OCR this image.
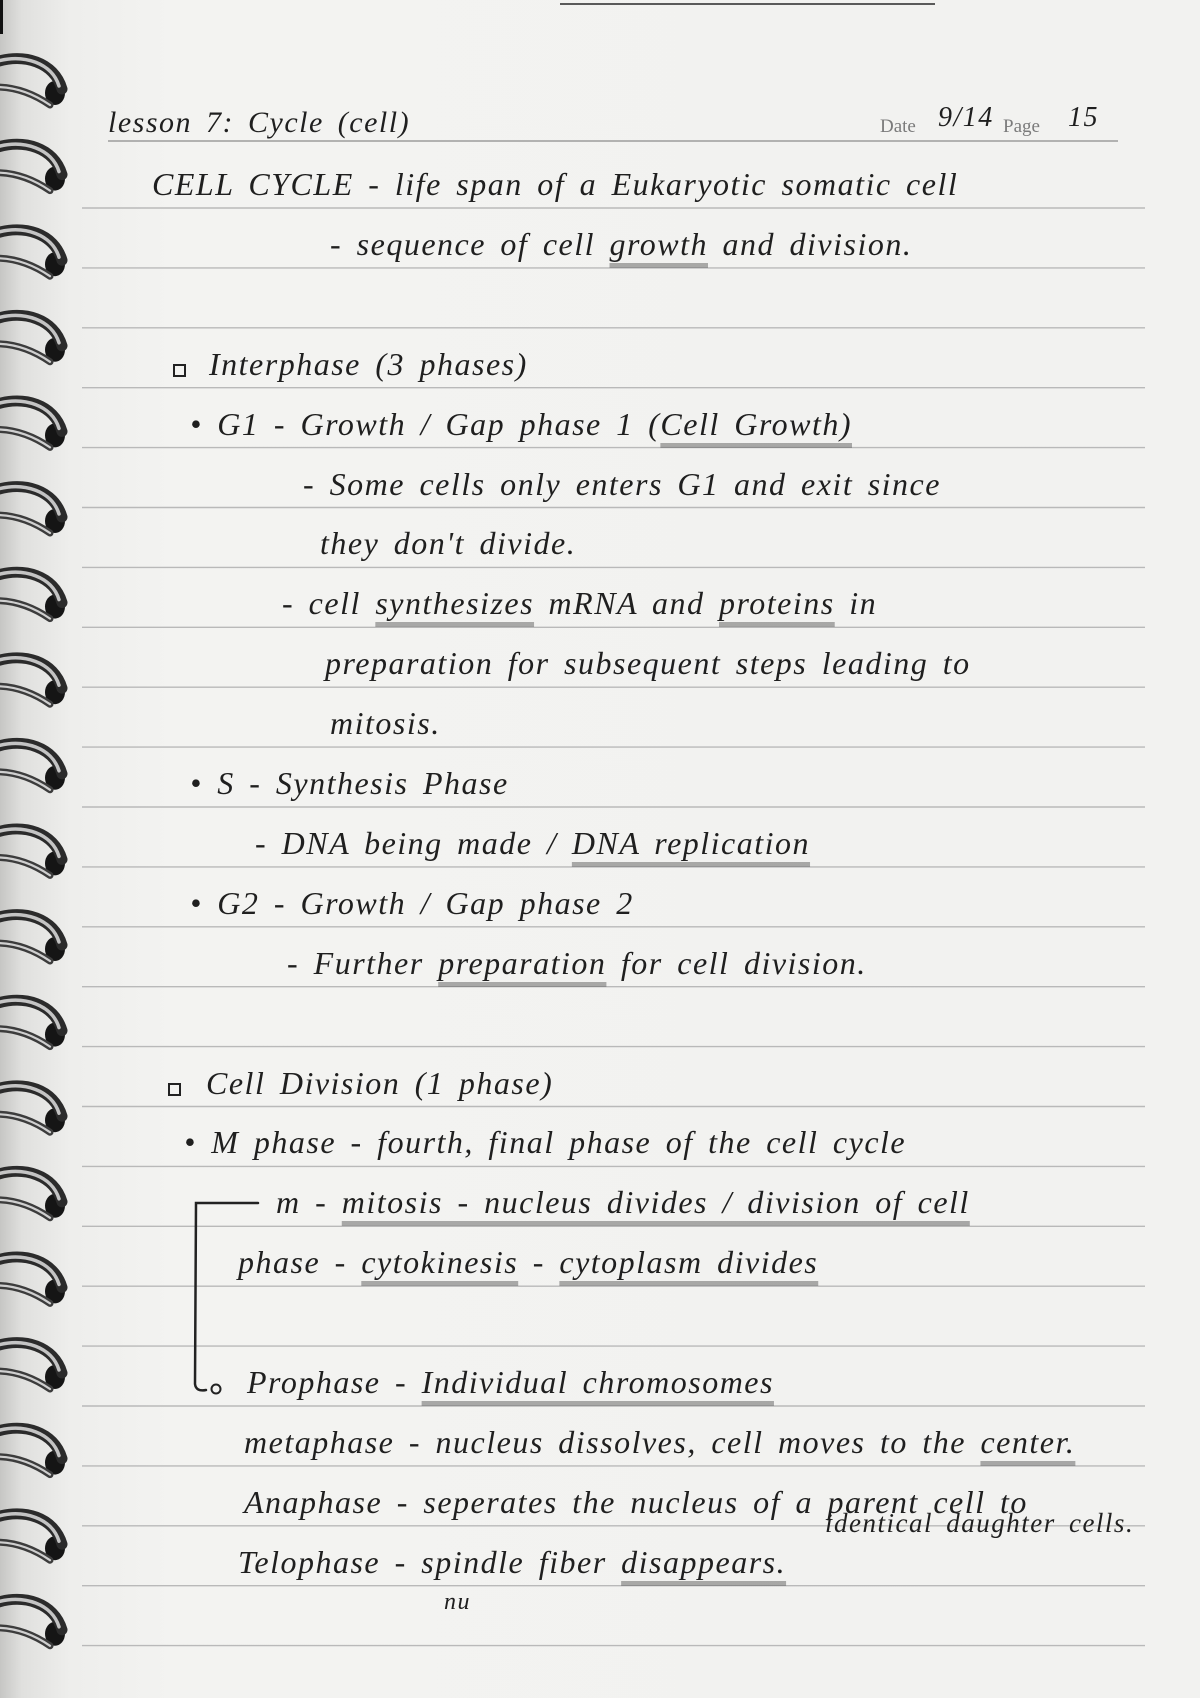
lesson 7: Cycle (cell)	Date 9/14 Page 15
CELL CYCLE - life span of a Eukaryotic somatic cell
- sequence of cell growth and division.
Interphase (3 phases)
• G1 - Growth / Gap phase 1 (Cell Growth)
- Some cells only enters G1 and exit since
they don't divide.
- cell synthesizes mRNA and proteins in
preparation for subsequent steps leading to
mitosis.
• S - Synthesis Phase
- DNA being made / DNA replication
• G2 - Growth / Gap phase 2
- Further preparation for cell division.
Cell Division (1 phase)
• M phase - fourth, final phase of the cell cycle
m - mitosis - nucleus divides / division of cell
phase - cytokinesis - cytoplasm divides
Prophase - Individual chromosomes
metaphase - nucleus dissolves, cell moves to the center.
Anaphase - seperates the nucleus of a parent cell to
identical daughter cells.
Telophase - spindle fiber disappears.
nu
